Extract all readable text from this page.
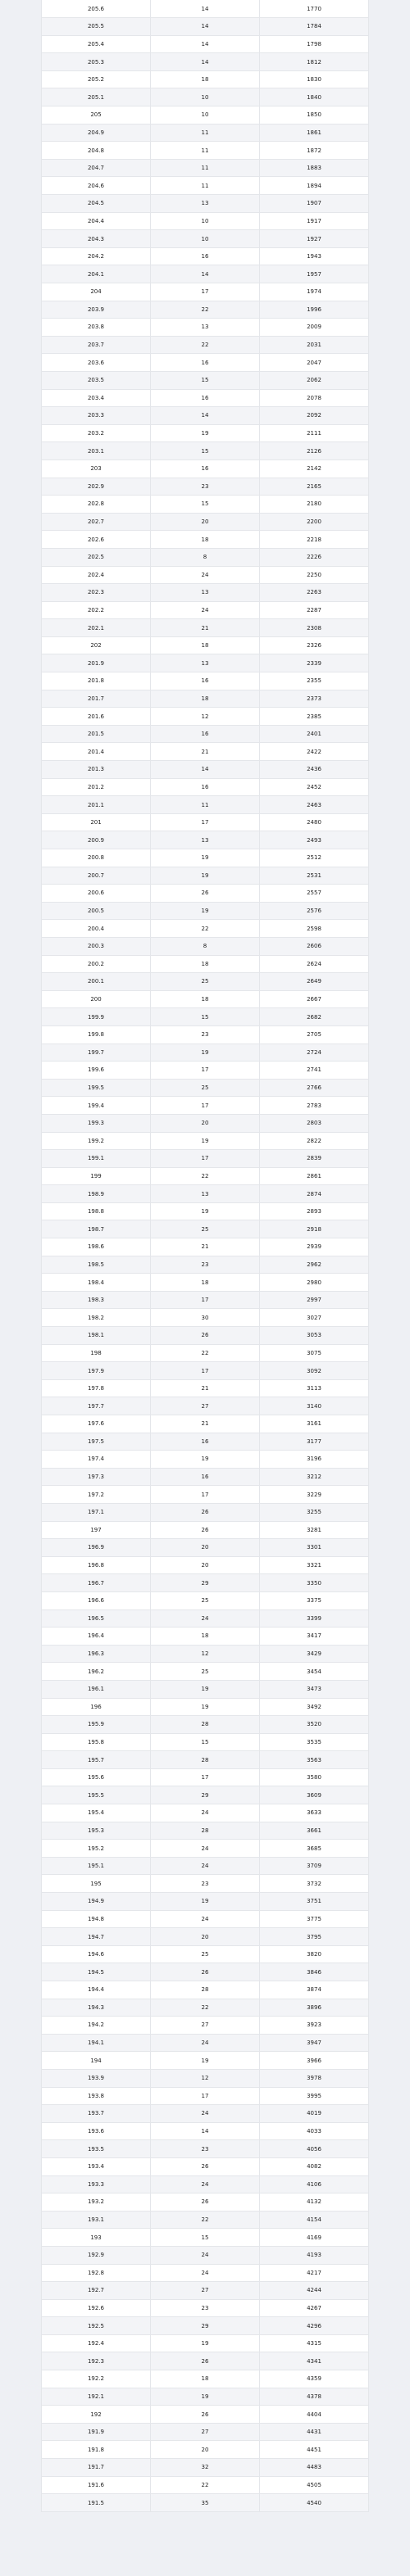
205.6	14	1770
205.5	14	1784
205.4	14	1798
205.3	14	1812
205.2	18	1830
205.1	10	1840
205	10	1850
204.9	11	1861
204.8	11	1872
204.7	11	1883
204.6	11	1894
204.5	13	1907
204.4	10	1917
204.3	10	1927
204.2	16	1943
204.1	14	1957
204	17	1974
203.9	22	1996
203.8	13	2009
203.7	22	2031
203.6	16	2047
203.5	15	2062
203.4	16	2078
203.3	14	2092
203.2	19	2111
203.1	15	2126
203	16	2142
202.9	23	2165
202.8	15	2180
202.7	20	2200
202.6	18	2218
202.5	8	2226
202.4	24	2250
202.3	13	2263
202.2	24	2287
202.1	21	2308
202	18	2326
201.9	13	2339
201.8	16	2355
201.7	18	2373
201.6	12	2385
201.5	16	2401
201.4	21	2422
201.3	14	2436
201.2	16	2452
201.1	11	2463
201	17	2480
200.9	13	2493
200.8	19	2512
200.7	19	2531
200.6	26	2557
200.5	19	2576
200.4	22	2598
200.3	8	2606
200.2	18	2624
200.1	25	2649
200	18	2667
199.9	15	2682
199.8	23	2705
199.7	19	2724
199.6	17	2741
199.5	25	2766
199.4	17	2783
199.3	20	2803
199.2	19	2822
199.1	17	2839
199	22	2861
198.9	13	2874
198.8	19	2893
198.7	25	2918
198.6	21	2939
198.5	23	2962
198.4	18	2980
198.3	17	2997
198.2	30	3027
198.1	26	3053
198	22	3075
197.9	17	3092
197.8	21	3113
197.7	27	3140
197.6	21	3161
197.5	16	3177
197.4	19	3196
197.3	16	3212
197.2	17	3229
197.1	26	3255
197	26	3281
196.9	20	3301
196.8	20	3321
196.7	29	3350
196.6	25	3375
196.5	24	3399
196.4	18	3417
196.3	12	3429
196.2	25	3454
196.1	19	3473
196	19	3492
195.9	28	3520
195.8	15	3535
195.7	28	3563
195.6	17	3580
195.5	29	3609
195.4	24	3633
195.3	28	3661
195.2	24	3685
195.1	24	3709
195	23	3732
194.9	19	3751
194.8	24	3775
194.7	20	3795
194.6	25	3820
194.5	26	3846
194.4	28	3874
194.3	22	3896
194.2	27	3923
194.1	24	3947
194	19	3966
193.9	12	3978
193.8	17	3995
193.7	24	4019
193.6	14	4033
193.5	23	4056
193.4	26	4082
193.3	24	4106
193.2	26	4132
193.1	22	4154
193	15	4169
192.9	24	4193
192.8	24	4217
192.7	27	4244
192.6	23	4267
192.5	29	4296
192.4	19	4315
192.3	26	4341
192.2	18	4359
192.1	19	4378
192	26	4404
191.9	27	4431
191.8	20	4451
191.7	32	4483
191.6	22	4505
191.5	35	4540
